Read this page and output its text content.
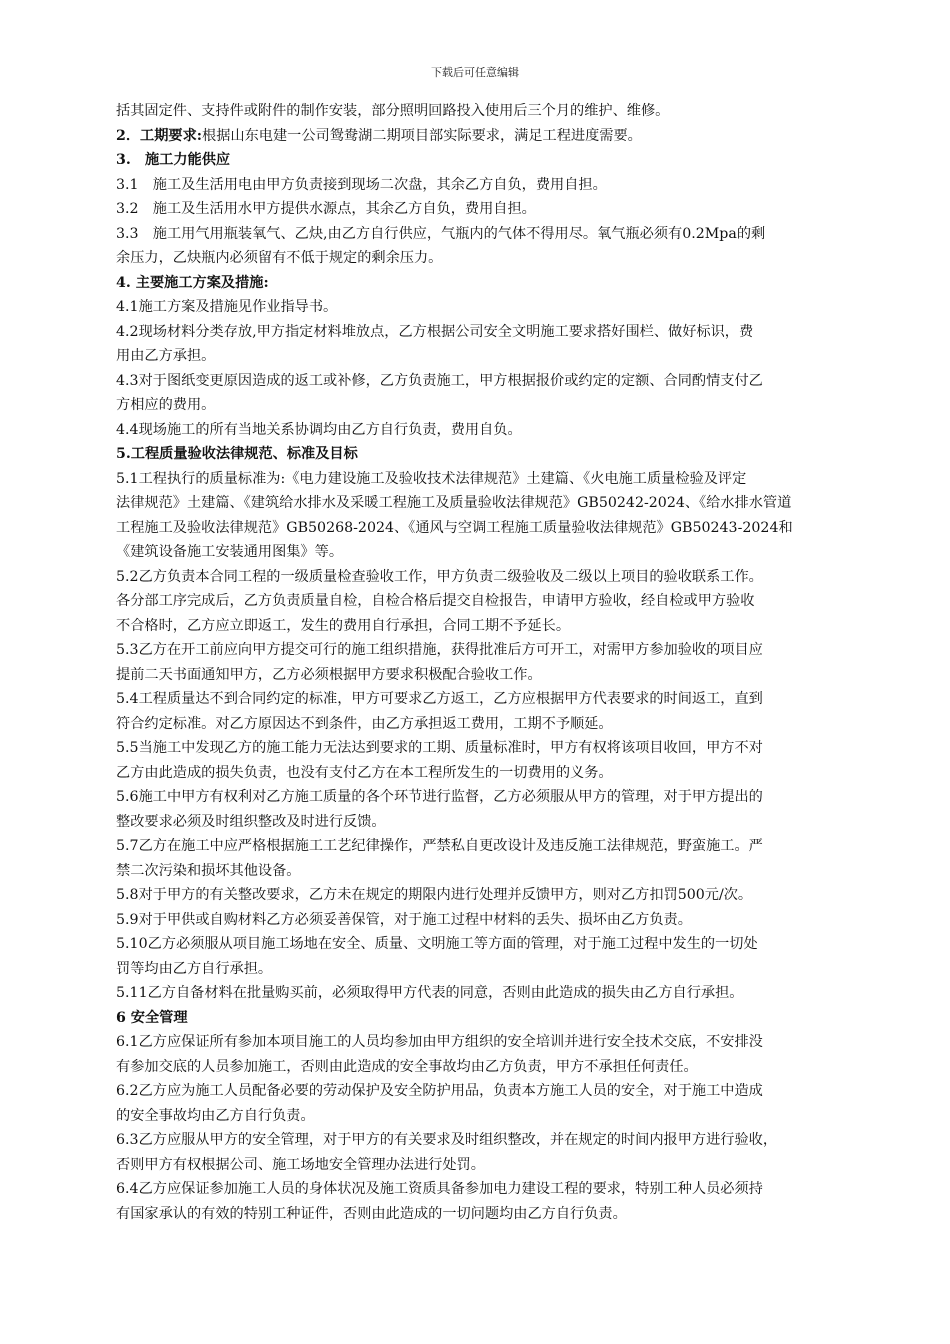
下载后可任意编辑
括其固定件、支持件或附件的制作安装，部分照明回路投入使用后三个月的维护、维修。
2．工期要求:根据山东电建一公司鸳鸯湖二期项目部实际要求，满足工程进度需要。
3.　施工力能供应
3.1　施工及生活用电由甲方负责接到现场二次盘，其余乙方自负，费用自担。
3.2　施工及生活用水甲方提供水源点，其余乙方自负，费用自担。
3.3　施工用气用瓶装氧气、乙炔,由乙方自行供应，气瓶内的气体不得用尽。氧气瓶必须有0.2Mpa的剩
余压力，乙炔瓶内必须留有不低于规定的剩余压力。
4. 主要施工方案及措施:
4.1施工方案及措施见作业指导书。
4.2现场材料分类存放,甲方指定材料堆放点，乙方根据公司安全文明施工要求搭好围栏、做好标识，费
用由乙方承担。
4.3对于图纸变更原因造成的返工或补修，乙方负责施工，甲方根据报价或约定的定额、合同酌情支付乙
方相应的费用。
4.4现场施工的所有当地关系协调均由乙方自行负责，费用自负。
5.工程质量验收法律规范、标准及目标
5.1工程执行的质量标准为:《电力建设施工及验收技术法律规范》土建篇、《火电施工质量检验及评定
法律规范》土建篇、《建筑给水排水及采暖工程施工及质量验收法律规范》GB50242-2024、《给水排水管道
工程施工及验收法律规范》GB50268-2024、《通风与空调工程施工质量验收法律规范》GB50243-2024和
《建筑设备施工安装通用图集》等。
5.2乙方负责本合同工程的一级质量检查验收工作，甲方负责二级验收及二级以上项目的验收联系工作。
各分部工序完成后，乙方负责质量自检，自检合格后提交自检报告，申请甲方验收，经自检或甲方验收
不合格时，乙方应立即返工，发生的费用自行承担，合同工期不予延长。
5.3乙方在开工前应向甲方提交可行的施工组织措施，获得批准后方可开工，对需甲方参加验收的项目应
提前二天书面通知甲方，乙方必须根据甲方要求积极配合验收工作。
5.4工程质量达不到合同约定的标准，甲方可要求乙方返工，乙方应根据甲方代表要求的时间返工，直到
符合约定标准。对乙方原因达不到条件，由乙方承担返工费用，工期不予顺延。
5.5当施工中发现乙方的施工能力无法达到要求的工期、质量标准时，甲方有权将该项目收回，甲方不对
乙方由此造成的损失负责，也没有支付乙方在本工程所发生的一切费用的义务。
5.6施工中甲方有权利对乙方施工质量的各个环节进行监督，乙方必须服从甲方的管理，对于甲方提出的
整改要求必须及时组织整改及时进行反馈。
5.7乙方在施工中应严格根据施工工艺纪律操作，严禁私自更改设计及违反施工法律规范，野蛮施工。严
禁二次污染和损坏其他设备。
5.8对于甲方的有关整改要求，乙方未在规定的期限内进行处理并反馈甲方，则对乙方扣罚500元/次。
5.9对于甲供或自购材料乙方必须妥善保管，对于施工过程中材料的丢失、损坏由乙方负责。
5.10乙方必须服从项目施工场地在安全、质量、文明施工等方面的管理，对于施工过程中发生的一切处
罚等均由乙方自行承担。
5.11乙方自备材料在批量购买前，必须取得甲方代表的同意，否则由此造成的损失由乙方自行承担。
6 安全管理
6.1乙方应保证所有参加本项目施工的人员均参加由甲方组织的安全培训并进行安全技术交底，不安排没
有参加交底的人员参加施工，否则由此造成的安全事故均由乙方负责，甲方不承担任何责任。
6.2乙方应为施工人员配备必要的劳动保护及安全防护用品，负责本方施工人员的安全，对于施工中造成
的安全事故均由乙方自行负责。
6.3乙方应服从甲方的安全管理，对于甲方的有关要求及时组织整改，并在规定的时间内报甲方进行验收，
否则甲方有权根据公司、施工场地安全管理办法进行处罚。
6.4乙方应保证参加施工人员的身体状况及施工资质具备参加电力建设工程的要求，特别工种人员必须持
有国家承认的有效的特别工种证件，否则由此造成的一切问题均由乙方自行负责。
